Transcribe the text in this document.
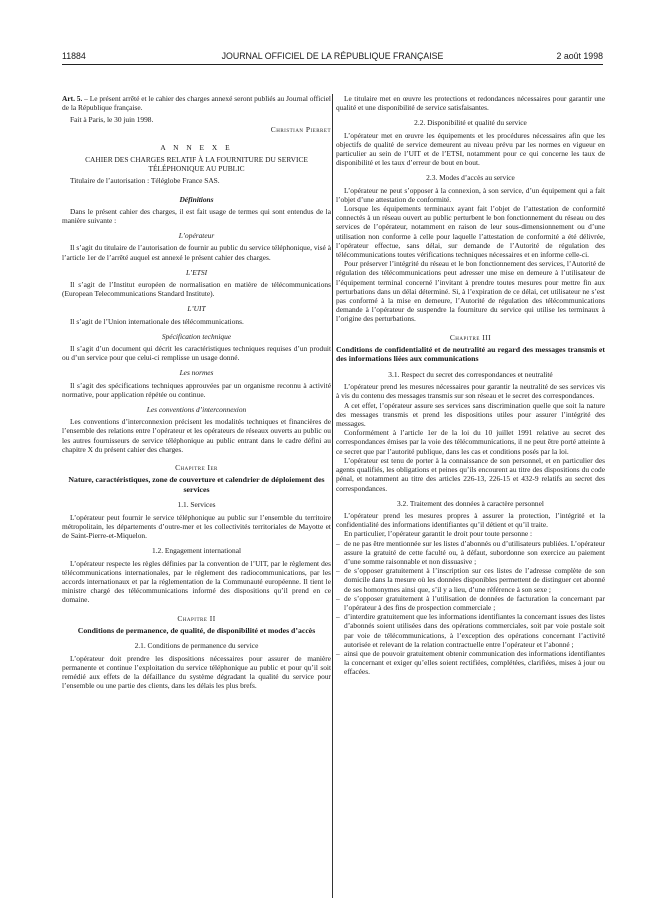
11884	JOURNAL OFFICIEL DE LA RÉPUBLIQUE FRANÇAISE	2 août 1998

Art. 5. – Le présent arrêté et le cahier des charges annexé seront publiés au Journal officiel de la République française.

Fait à Paris, le 30 juin 1998.

Christian Pierret

A N N E X E

CAHIER DES CHARGES RELATIF À LA FOURNITURE DU SERVICE TÉLÉPHONIQUE AU PUBLIC

Titulaire de l’autorisation : Téléglobe France SAS.

Définitions

Dans le présent cahier des charges, il est fait usage de termes qui sont entendus de la manière suivante :

L’opérateur

Il s’agit du titulaire de l’autorisation de fournir au public du service téléphonique, visé à l’article 1er de l’arrêté auquel est annexé le présent cahier des charges.

L’ETSI

Il s’agit de l’Institut européen de normalisation en matière de télécommunications (European Telecommunications Standard Institute).

L’UIT

Il s’agit de l’Union internationale des télécommunications.

Spécification technique

Il s’agit d’un document qui décrit les caractéristiques techniques requises d’un produit ou d’un service pour que celui-ci remplisse un usage donné.

Les normes

Il s’agit des spécifications techniques approuvées par un organisme reconnu à activité normative, pour application répétée ou continue.

Les conventions d’interconnexion

Les conventions d’interconnexion précisent les modalités techniques et financières de l’ensemble des relations entre l’opérateur et les opérateurs de réseaux ouverts au public ou les autres fournisseurs de service téléphonique au public entrant dans le cadre défini au chapitre X du présent cahier des charges.

Chapitre Ier

Nature, caractéristiques, zone de couverture et calendrier de déploiement des services

1.1. Services

L’opérateur peut fournir le service téléphonique au public sur l’ensemble du territoire métropolitain, les départements d’outre-mer et les collectivités territoriales de Mayotte et de Saint-Pierre-et-Miquelon.

1.2. Engagement international

L’opérateur respecte les règles définies par la convention de l’UIT, par le règlement des télécommunications internationales, par le règlement des radiocommunications, par les accords internationaux et par la réglementation de la Communauté européenne. Il tient le ministre chargé des télécommunications informé des dispositions qu’il prend en ce domaine.

Chapitre II

Conditions de permanence, de qualité, de disponibilité et modes d’accès

2.1. Conditions de permanence du service

L’opérateur doit prendre les dispositions nécessaires pour assurer de manière permanente et continue l’exploitation du service téléphonique au public et pour qu’il soit remédié aux effets de la défaillance du système dégradant la qualité du service pour l’ensemble ou une partie des clients, dans les délais les plus brefs.

Le titulaire met en œuvre les protections et redondances nécessaires pour garantir une qualité et une disponibilité de service satisfaisantes.

2.2. Disponibilité et qualité du service

L’opérateur met en œuvre les équipements et les procédures nécessaires afin que les objectifs de qualité de service demeurent au niveau prévu par les normes en vigueur en particulier au sein de l’UIT et de l’ETSI, notamment pour ce qui concerne les taux de disponibilité et les taux d’erreur de bout en bout.

2.3. Modes d’accès au service

L’opérateur ne peut s’opposer à la connexion, à son service, d’un équipement qui a fait l’objet d’une attestation de conformité.

Lorsque les équipements terminaux ayant fait l’objet de l’attestation de conformité connectés à un réseau ouvert au public perturbent le bon fonctionnement du réseau ou des services de l’opérateur, notamment en raison de leur sous-dimensionnement ou d’une utilisation non conforme à celle pour laquelle l’attestation de conformité a été délivrée, l’opérateur effectue, sans délai, sur demande de l’Autorité de régulation des télécommunications toutes vérifications techniques nécessaires et en informe celle-ci.

Pour préserver l’intégrité du réseau et le bon fonctionnement des services, l’Autorité de régulation des télécommunications peut adresser une mise en demeure à l’utilisateur de l’équipement terminal concerné l’invitant à prendre toutes mesures pour mettre fin aux perturbations dans un délai déterminé. Si, à l’expiration de ce délai, cet utilisateur ne s’est pas conformé à la mise en demeure, l’Autorité de régulation des télécommunications demande à l’opérateur de suspendre la fourniture du service qui utilise les terminaux à l’origine des perturbations.

Chapitre III

Conditions de confidentialité et de neutralité au regard des messages transmis et des informations liées aux communications

3.1. Respect du secret des correspondances et neutralité

L’opérateur prend les mesures nécessaires pour garantir la neutralité de ses services vis à vis du contenu des messages transmis sur son réseau et le secret des correspondances.

A cet effet, l’opérateur assure ses services sans discrimination quelle que soit la nature des messages transmis et prend les dispositions utiles pour assurer l’intégrité des messages.

Conformément à l’article 1er de la loi du 10 juillet 1991 relative au secret des correspondances émises par la voie des télécommunications, il ne peut être porté atteinte à ce secret que par l’autorité publique, dans les cas et conditions posés par la loi.

L’opérateur est tenu de porter à la connaissance de son personnel, et en particulier des agents qualifiés, les obligations et peines qu’ils encourent au titre des dispositions du code pénal, et notamment au titre des articles 226-13, 226-15 et 432-9 relatifs au secret des correspondances.

3.2. Traitement des données à caractère personnel

L’opérateur prend les mesures propres à assurer la protection, l’intégrité et la confidentialité des informations identifiantes qu’il détient et qu’il traite.

En particulier, l’opérateur garantit le droit pour toute personne :

– de ne pas être mentionnée sur les listes d’abonnés ou d’utilisateurs publiées. L’opérateur assure la gratuité de cette faculté ou, à défaut, subordonne son exercice au paiement d’une somme raisonnable et non dissuasive ;
– de s’opposer gratuitement à l’inscription sur ces listes de l’adresse complète de son domicile dans la mesure où les données disponibles permettent de distinguer cet abonné de ses homonymes ainsi que, s’il y a lieu, d’une référence à son sexe ;
– de s’opposer gratuitement à l’utilisation de données de facturation la concernant par l’opérateur à des fins de prospection commerciale ;
– d’interdire gratuitement que les informations identifiantes la concernant issues des listes d’abonnés soient utilisées dans des opérations commerciales, soit par voie postale soit par voie de télécommunications, à l’exception des opérations concernant l’activité autorisée et relevant de la relation contractuelle entre l’opérateur et l’abonné ;
– ainsi que de pouvoir gratuitement obtenir communication des informations identifiantes la concernant et exiger qu’elles soient rectifiées, complétées, clarifiées, mises à jour ou effacées.
